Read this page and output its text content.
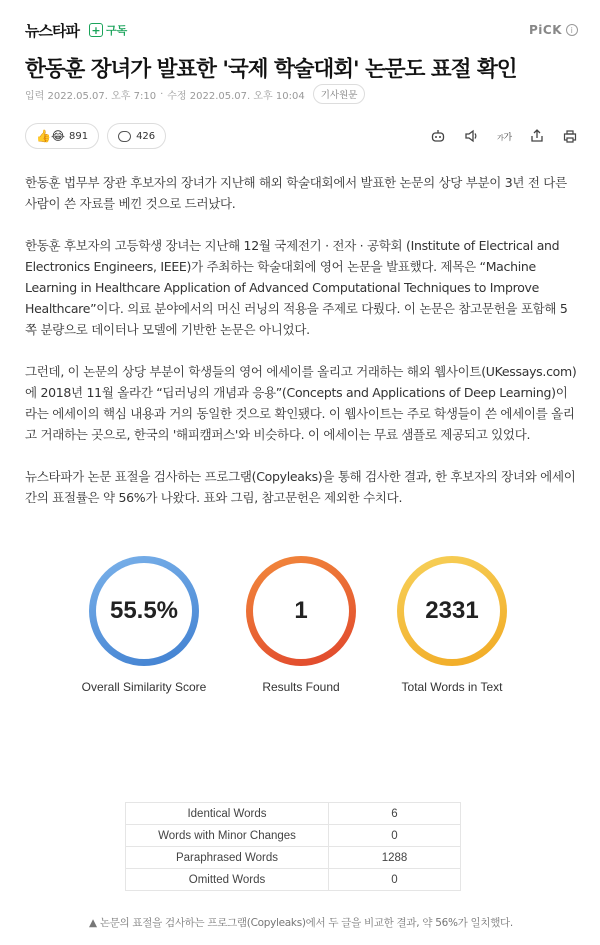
뉴스타파 + 구독	PiCK	i
한동훈 장녀가 발표한 '국제 학술대회' 논문도 표절 확인
입력 2022.05.07. 오후 7:10 · 수정 2022.05.07. 오후 10:04	기사원문
👍😂 891	426	가 가

한동훈 법무부 장관 후보자의 장녀가 지난해 해외 학술대회에서 발표한 논문의 상당 부분이 3년 전 다른 사람이 쓴 자료를 베낀 것으로 드러났다.

한동훈 후보자의 고등학생 장녀는 지난해 12월 국제전기 · 전자 · 공학회 (Institute of Electrical and Electronics Engineers, IEEE)가 주최하는 학술대회에 영어 논문을 발표했다. 제목은 “Machine Learning in Healthcare Application of Advanced Computational Techniques to Improve Healthcare”이다. 의료 분야에서의 머신 러닝의 적용을 주제로 다뤘다. 이 논문은 참고문헌을 포함해 5쪽 분량으로 데이터나 모델에 기반한 논문은 아니었다.

그런데, 이 논문의 상당 부분이 학생들의 영어 에세이를 올리고 거래하는 해외 웹사이트(UKessays.com)에 2018년 11월 올라간 “딥러닝의 개념과 응용”(Concepts and Applications of Deep Learning)이라는 에세이의 핵심 내용과 거의 동일한 것으로 확인됐다. 이 웹사이트는 주로 학생들이 쓴 에세이를 올리고 거래하는 곳으로, 한국의 '해피캠퍼스'와 비슷하다. 이 에세이는 무료 샘플로 제공되고 있었다.

뉴스타파가 논문 표절을 검사하는 프로그램(Copyleaks)을 통해 검사한 결과, 한 후보자의 장녀와 에세이간의 표절률은 약 56%가 나왔다. 표와 그림, 참고문헌은 제외한 수치다.

55.5%
Overall Similarity Score
1
Results Found
2331
Total Words in Text
Identical Words	6
Words with Minor Changes	0
Paraphrased Words	1288
Omitted Words	0
▲ 논문의 표절을 검사하는 프로그램(Copyleaks)에서 두 글을 비교한 결과, 약 56%가 일치했다.
